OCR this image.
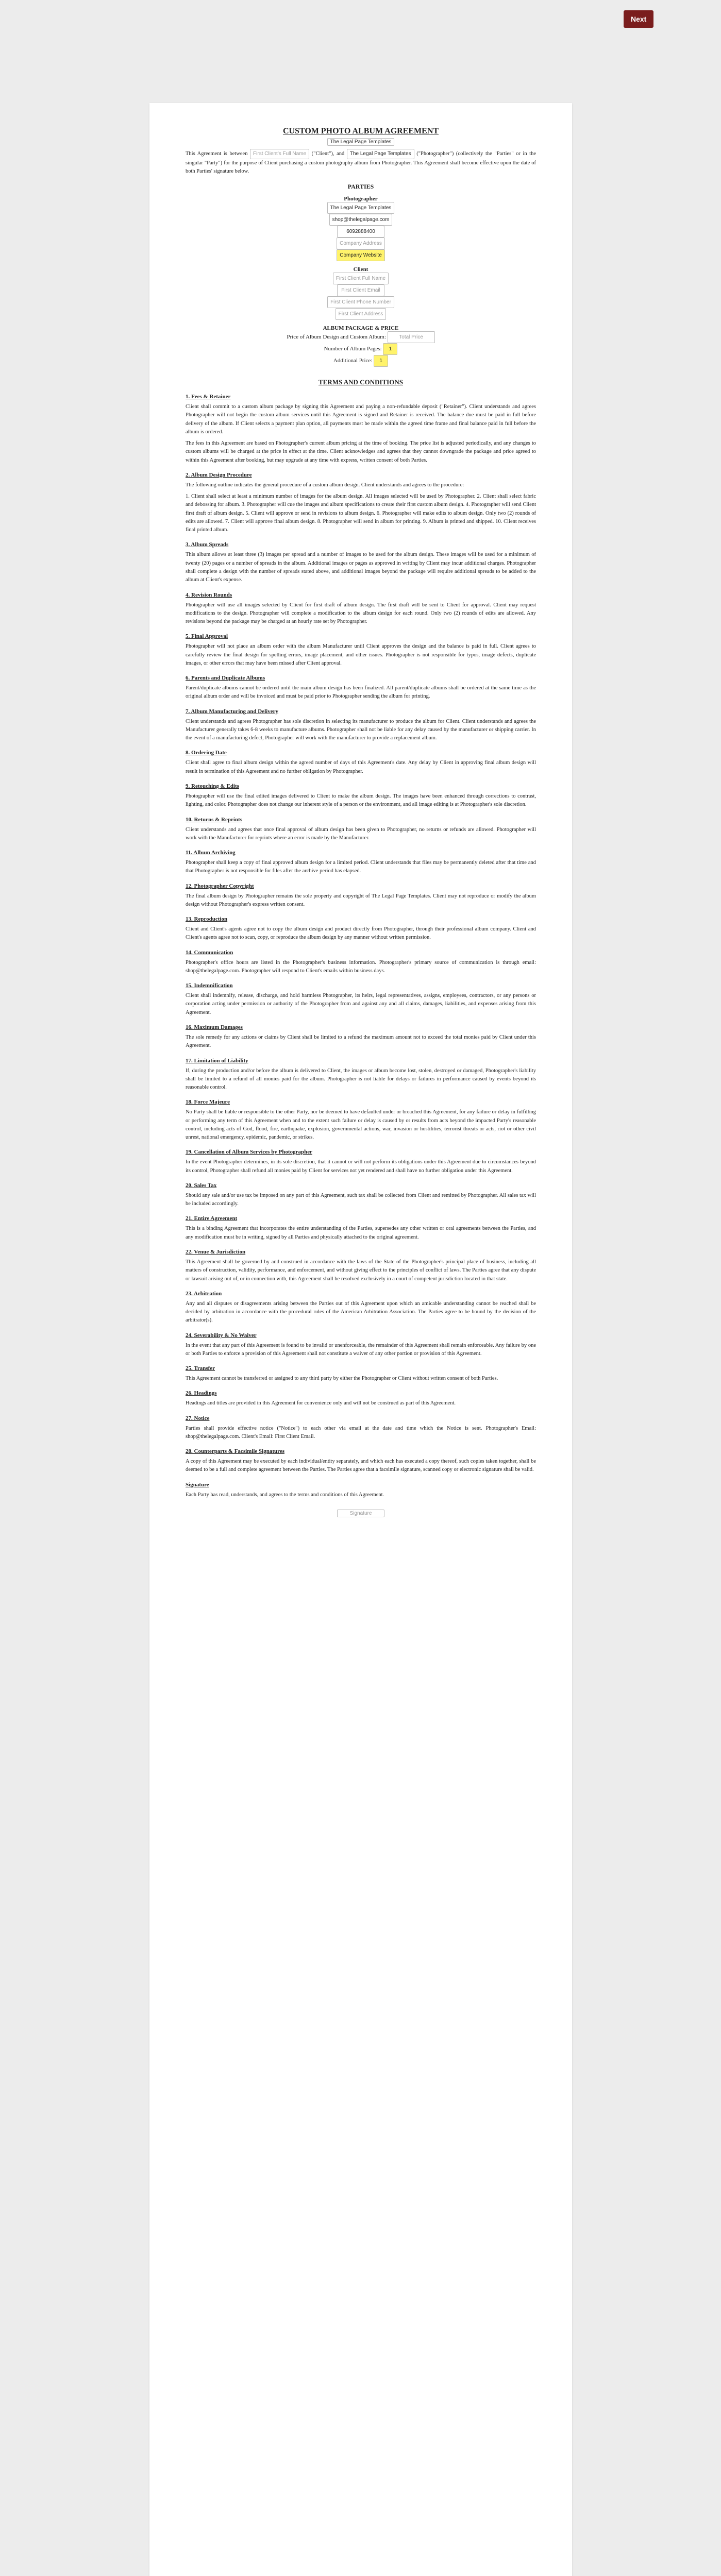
Next
CUSTOM PHOTO ALBUM AGREEMENT
The Legal Page Templates
This Agreement is between First Client's Full Name ("Client"), and The Legal Page Templates ("Photographer") (collectively the "Parties" or in the singular "Party") for the purpose of Client purchasing a custom photography album from Photographer. This Agreement shall become effective upon the date of both Parties' signature below.
PARTIES
Photographer
The Legal Page Templates
shop@thelegalpage.com
6092888400
Company Address
Company Website
Client
First Client Full Name
First Client Email
First Client Phone Number
First Client Address
ALBUM PACKAGE & PRICE
Price of Album Design and Custom Album:	Total Price
Number of Album Pages: 1
Additional Price: 1
TERMS AND CONDITIONS
1. Fees & Retainer
Client shall commit to a custom album package by signing this Agreement and paying a non-refundable deposit ("Retainer"). Client understands and agrees Photographer will not begin the custom album services until this Agreement is signed and Retainer is received. The balance due must be paid in full before delivery of the album. If Client selects a payment plan option, all payments must be made within the agreed time frame and final balance paid in full before the album is ordered.
The fees in this Agreement are based on Photographer's current album pricing at the time of booking. The price list is adjusted periodically, and any changes to custom albums will be charged at the price in effect at the time. Client acknowledges and agrees that they cannot downgrade the package and price agreed to within this Agreement after booking, but may upgrade at any time with express, written consent of both Parties.
2. Album Design Procedure
The following outline indicates the general procedure of a custom album design. Client understands and agrees to the procedure:
1. Client shall select at least a minimum number of images for the album design. All images selected will be used by Photographer. 2. Client shall select fabric and debossing for album. 3. Photographer will cue the images and album specifications to create their first custom album design. 4. Photographer will send Client first draft of album design. 5. Client will approve or send in revisions to album design. 6. Photographer will make edits to album design. Only two (2) rounds of edits are allowed. 7. Client will approve final album design. 8. Photographer will send in album for printing. 9. Album is printed and shipped. 10. Client receives final printed album.
3. Album Spreads
This album allows at least three (3) images per spread and a number of images to be used for the album design. These images will be used for a minimum of twenty (20) pages or a number of spreads in the album. Additional images or pages as approved in writing by Client may incur additional charges. Photographer shall complete a design with the number of spreads stated above, and additional images beyond the package will require additional spreads to be added to the album at Client's expense.
4. Revision Rounds
Photographer will use all images selected by Client for first draft of album design. The first draft will be sent to Client for approval. Client may request modifications to the design. Photographer will complete a modification to the album design for each round. Only two (2) rounds of edits are allowed. Any revisions beyond the package may be charged at an hourly rate set by Photographer.
5. Final Approval
Photographer will not place an album order with the album Manufacturer until Client approves the design and the balance is paid in full. Client agrees to carefully review the final design for spelling errors, image placement, and other issues. Photographer is not responsible for typos, image defects, duplicate images, or other errors that may have been missed after Client approval.
6. Parents and Duplicate Albums
Parent/duplicate albums cannot be ordered until the main album design has been finalized. All parent/duplicate albums shall be ordered at the same time as the original album order and will be invoiced and must be paid prior to Photographer sending the album for printing.
7. Album Manufacturing and Delivery
Client understands and agrees Photographer has sole discretion in selecting its manufacturer to produce the album for Client. Client understands and agrees the Manufacturer generally takes 6-8 weeks to manufacture albums. Photographer shall not be liable for any delay caused by the manufacturer or shipping carrier. In the event of a manufacturing defect, Photographer will work with the manufacturer to provide a replacement album.
8. Ordering Date
Client shall agree to final album design within the agreed number of days of this Agreement's date. Any delay by Client in approving final album design will result in termination of this Agreement and no further obligation by Photographer.
9. Retouching & Edits
Photographer will use the final edited images delivered to Client to make the album design. The images have been enhanced through corrections to contrast, lighting, and color. Photographer does not change our inherent style of a person or the environment, and all image editing is at Photographer's sole discretion.
10. Returns & Reprints
Client understands and agrees that once final approval of album design has been given to Photographer, no returns or refunds are allowed. Photographer will work with the Manufacturer for reprints where an error is made by the Manufacturer.
11. Album Archiving
Photographer shall keep a copy of final approved album design for a limited period. Client understands that files may be permanently deleted after that time and that Photographer is not responsible for files after the archive period has elapsed.
12. Photographer Copyright
The final album design by Photographer remains the sole property and copyright of The Legal Page Templates. Client may not reproduce or modify the album design without Photographer's express written consent.
13. Reproduction
Client and Client's agents agree not to copy the album design and product directly from Photographer, through their professional album company. Client and Client's agents agree not to scan, copy, or reproduce the album design by any manner without written permission.
14. Communication
Photographer's office hours are listed in the Photographer's business information. Photographer's primary source of communication is through email: shop@thelegalpage.com. Photographer will respond to Client's emails within business days.
15. Indemnification
Client shall indemnify, release, discharge, and hold harmless Photographer, its heirs, legal representatives, assigns, employees, contractors, or any persons or corporation acting under permission or authority of the Photographer from and against any and all claims, damages, liabilities, and expenses arising from this Agreement.
16. Maximum Damages
The sole remedy for any actions or claims by Client shall be limited to a refund the maximum amount not to exceed the total monies paid by Client under this Agreement.
17. Limitation of Liability
If, during the production and/or before the album is delivered to Client, the images or album become lost, stolen, destroyed or damaged, Photographer's liability shall be limited to a refund of all monies paid for the album. Photographer is not liable for delays or failures in performance caused by events beyond its reasonable control.
18. Force Majeure
No Party shall be liable or responsible to the other Party, nor be deemed to have defaulted under or breached this Agreement, for any failure or delay in fulfilling or performing any term of this Agreement when and to the extent such failure or delay is caused by or results from acts beyond the impacted Party's reasonable control, including acts of God, flood, fire, earthquake, explosion, governmental actions, war, invasion or hostilities, terrorist threats or acts, riot or other civil unrest, national emergency, epidemic, pandemic, or strikes.
19. Cancellation of Album Services by Photographer
In the event Photographer determines, in its sole discretion, that it cannot or will not perform its obligations under this Agreement due to circumstances beyond its control, Photographer shall refund all monies paid by Client for services not yet rendered and shall have no further obligation under this Agreement.
20. Sales Tax
Should any sale and/or use tax be imposed on any part of this Agreement, such tax shall be collected from Client and remitted by Photographer. All sales tax will be included accordingly.
21. Entire Agreement
This is a binding Agreement that incorporates the entire understanding of the Parties, supersedes any other written or oral agreements between the Parties, and any modification must be in writing, signed by all Parties and physically attached to the original agreement.
22. Venue & Jurisdiction
This Agreement shall be governed by and construed in accordance with the laws of the State of the Photographer's principal place of business, including all matters of construction, validity, performance, and enforcement, and without giving effect to the principles of conflict of laws. The Parties agree that any dispute or lawsuit arising out of, or in connection with, this Agreement shall be resolved exclusively in a court of competent jurisdiction located in that state.
23. Arbitration
Any and all disputes or disagreements arising between the Parties out of this Agreement upon which an amicable understanding cannot be reached shall be decided by arbitration in accordance with the procedural rules of the American Arbitration Association. The Parties agree to be bound by the decision of the arbitrator(s).
24. Severability & No Waiver
In the event that any part of this Agreement is found to be invalid or unenforceable, the remainder of this Agreement shall remain enforceable. Any failure by one or both Parties to enforce a provision of this Agreement shall not constitute a waiver of any other portion or provision of this Agreement.
25. Transfer
This Agreement cannot be transferred or assigned to any third party by either the Photographer or Client without written consent of both Parties.
26. Headings
Headings and titles are provided in this Agreement for convenience only and will not be construed as part of this Agreement.
27. Notice
Parties shall provide effective notice ("Notice") to each other via email at the date and time which the Notice is sent. Photographer's Email: shop@thelegalpage.com. Client's Email: First Client Email.
28. Counterparts & Facsimile Signatures
A copy of this Agreement may be executed by each individual/entity separately, and which each has executed a copy thereof, such copies taken together, shall be deemed to be a full and complete agreement between the Parties. The Parties agree that a facsimile signature, scanned copy or electronic signature shall be valid.
Signature
Each Party has read, understands, and agrees to the terms and conditions of this Agreement.
Signature
